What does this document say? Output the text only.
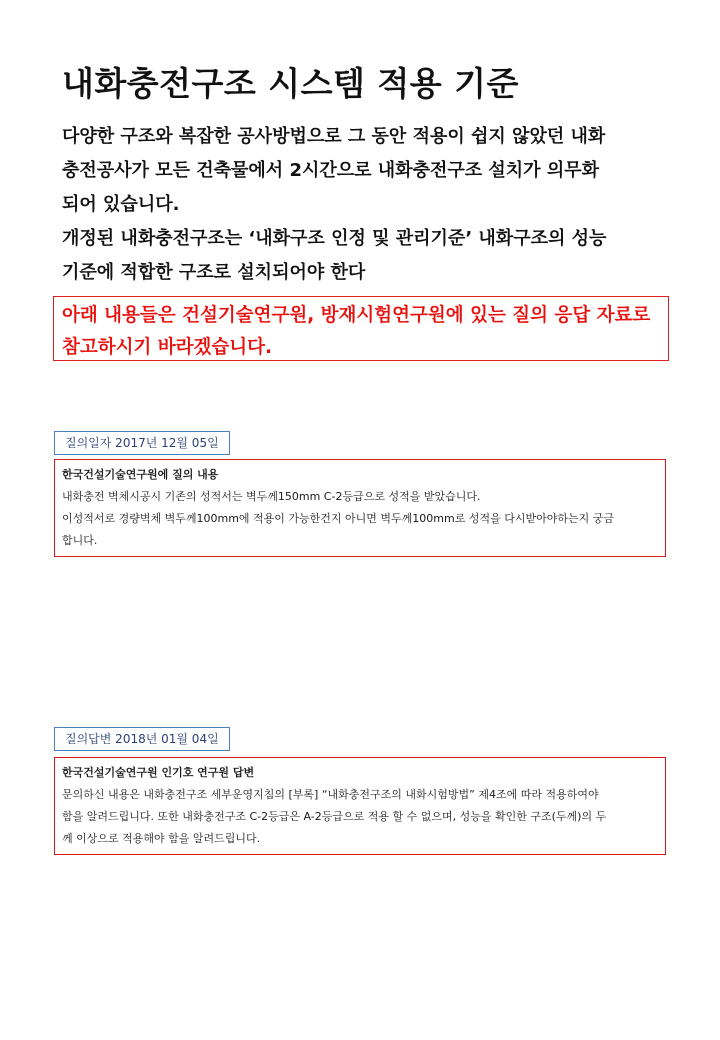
내화충전구조 시스템 적용 기준

다양한 구조와 복잡한 공사방법으로 그 동안 적용이 쉽지 않았던 내화

충전공사가 모든 건축물에서 2시간으로 내화충전구조 설치가 의무화

되어 있습니다.

개정된 내화충전구조는 ‘내화구조 인정 및 관리기준’ 내화구조의 성능

기준에 적합한 구조로 설치되어야 한다

아래 내용들은 건설기술연구원, 방재시험연구원에 있는 질의 응답 자료로
참고하시기 바라겠습니다.
질의일자 2017년 12월 05일

한국건설기술연구원에 질의 내용

내화충전 벽체시공시 기존의 성적서는 벽두께150mm C-2등급으로 성적을 받았습니다.

이성적서로 경량벽체 벽두께100mm에 적용이 가능한건지 아니면 벽두께100mm로 성적을 다시받아야하는지 궁금

합니다.

질의답변 2018년 01월 04일

한국건설기술연구원 인기호 연구원 답변

문의하신 내용은 내화충전구조 세부운영지침의 [부록] “내화충전구조의 내화시험방법” 제4조에 따라 적용하여야

함을 알려드립니다. 또한 내화충전구조 C-2등급은 A-2등급으로 적용 할 수 없으며, 성능을 확인한 구조(두께)의 두

께 이상으로 적용해야 함을 알려드립니다.
